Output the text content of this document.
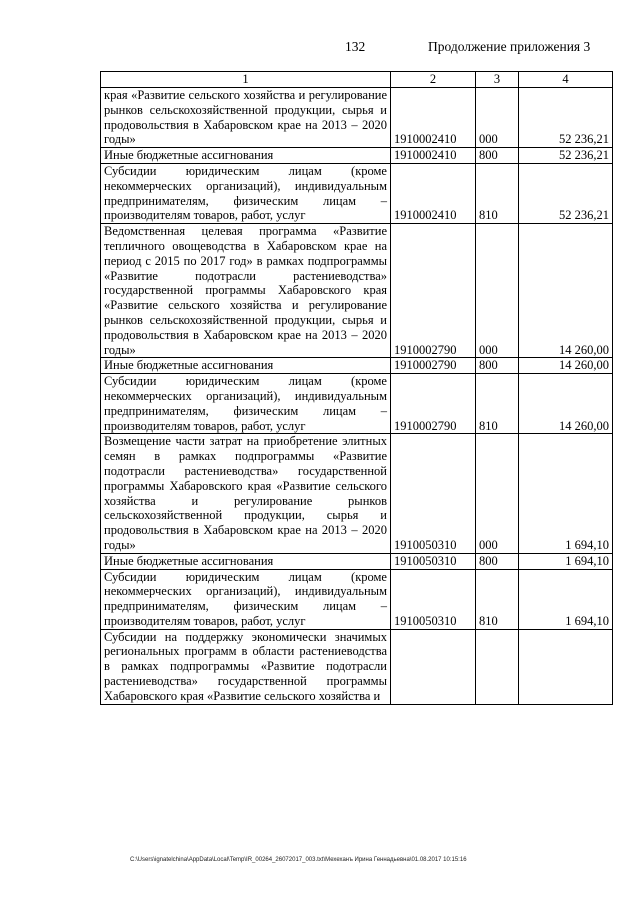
132	Продолжение приложения 3
1	2	3	4
края «Развитие сельского хозяйства и регулирование рынков сельскохозяйственной продукции, сырья и продовольствия в Хабаровском крае на 2013 – 2020 годы»	1910002410	000	52 236,21
Иные бюджетные ассигнования	1910002410	800	52 236,21
Субсидии юридическим лицам (кроме некоммерческих организаций), индивидуальным предпринимателям, физическим лицам – производителям товаров, работ, услуг	1910002410	810	52 236,21
Ведомственная целевая программа «Развитие тепличного овощеводства в Хабаровском крае на период с 2015 по 2017 год» в рамках подпрограммы «Развитие подотрасли растениеводства» государственной программы Хабаровского края «Развитие сельского хозяйства и регулирование рынков сельскохозяйственной продукции, сырья и продовольствия в Хабаровском крае на 2013 – 2020 годы»	1910002790	000	14 260,00
Иные бюджетные ассигнования	1910002790	800	14 260,00
Субсидии юридическим лицам (кроме некоммерческих организаций), индивидуальным предпринимателям, физическим лицам – производителям товаров, работ, услуг	1910002790	810	14 260,00
Возмещение части затрат на приобретение элитных семян в рамках подпрограммы «Развитие подотрасли растениеводства» государственной программы Хабаровского края «Развитие сельского хозяйства и регулирование рынков сельскохозяйственной продукции, сырья и продовольствия в Хабаровском крае на 2013 – 2020 годы»	1910050310	000	1 694,10
Иные бюджетные ассигнования	1910050310	800	1 694,10
Субсидии юридическим лицам (кроме некоммерческих организаций), индивидуальным предпринимателям, физическим лицам – производителям товаров, работ, услуг	1910050310	810	1 694,10
Субсидии на поддержку экономически значимых региональных программ в области растениеводства в рамках подпрограммы «Развитие подотрасли растениеводства» государственной программы Хабаровского края «Развитие сельского хозяйства и			
C:\Users\ignatelchina\AppData\Local\Temp\IR_00264_26072017_003.txt\Мехеханъ Ирина Геннадьевна\01.08.2017 10:15:16
